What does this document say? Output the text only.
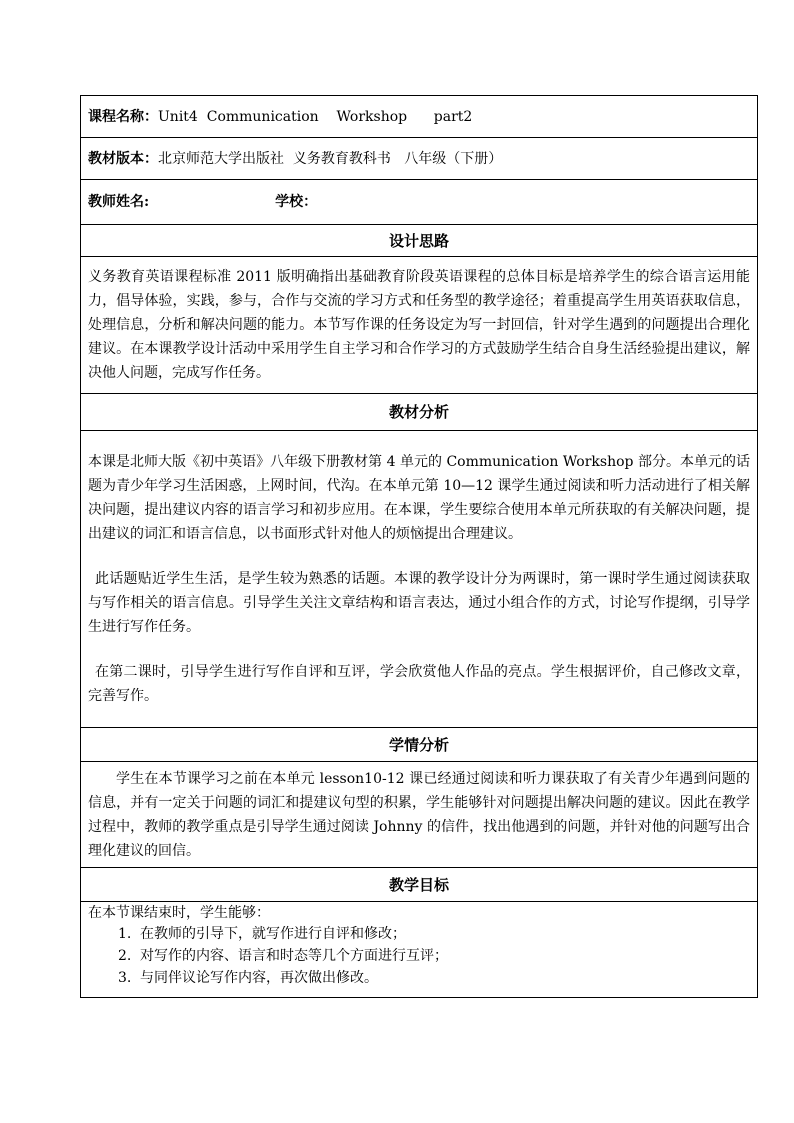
课程名称：Unit4  Communication    Workshop      part2
教材版本：北京师范大学出版社  义务教育教科书   八年级（下册）
教师姓名:	学校：
设计思路

义务教育英语课程标准 2011 版明确指出基础教育阶段英语课程的总体目标是培养学生的综合语言运用能力，倡导体验，实践，参与，合作与交流的学习方式和任务型的教学途径；着重提高学生用英语获取信息，处理信息，分析和解决问题的能力。本节写作课的任务设定为写一封回信，针对学生遇到的问题提出合理化建议。在本课教学设计活动中采用学生自主学习和合作学习的方式鼓励学生结合自身生活经验提出建议，解决他人问题，完成写作任务。

教材分析

本课是北师大版《初中英语》八年级下册教材第 4 单元的 Communication Workshop 部分。本单元的话题为青少年学习生活困惑，上网时间，代沟。在本单元第 10—12 课学生通过阅读和听力活动进行了相关解决问题，提出建议内容的语言学习和初步应用。在本课，学生要综合使用本单元所获取的有关解决问题，提出建议的词汇和语言信息，以书面形式针对他人的烦恼提出合理建议。

此话题贴近学生生活，是学生较为熟悉的话题。本课的教学设计分为两课时，第一课时学生通过阅读获取与写作相关的语言信息。引导学生关注文章结构和语言表达，通过小组合作的方式，讨论写作提纲，引导学生进行写作任务。

在第二课时，引导学生进行写作自评和互评，学会欣赏他人作品的亮点。学生根据评价，自己修改文章，完善写作。

学情分析

学生在本节课学习之前在本单元 lesson10-12 课已经通过阅读和听力课获取了有关青少年遇到问题的信息，并有一定关于问题的词汇和提建议句型的积累，学生能够针对问题提出解决问题的建议。因此在教学过程中，教师的教学重点是引导学生通过阅读 Johnny 的信件，找出他遇到的问题，并针对他的问题写出合理化建议的回信。

教学目标

在本节课结束时，学生能够：

1. 在教师的引导下，就写作进行自评和修改；
2. 对写作的内容、语言和时态等几个方面进行互评；
3. 与同伴议论写作内容，再次做出修改。
